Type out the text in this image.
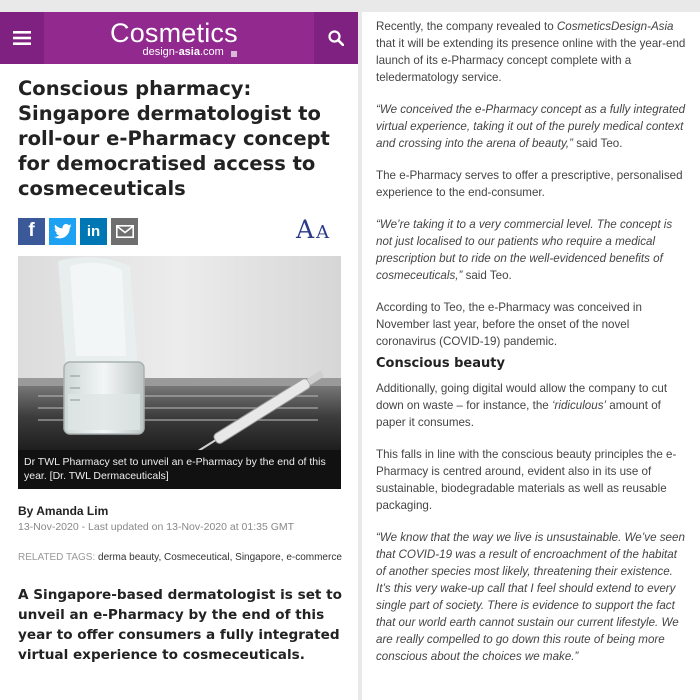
Cosmetics
design-asia.com
Conscious pharmacy: Singapore dermatologist to roll-our e-Pharmacy concept for democratised access to cosmeceuticals
f	in	A A
Dr TWL Pharmacy set to unveil an e-Pharmacy by the end of this year. [Dr. TWL Dermaceuticals]
By Amanda Lim
13-Nov-2020 - Last updated on 13-Nov-2020 at 01:35 GMT
RELATED TAGS: derma beauty, Cosmeceutical, Singapore, e-commerce
A Singapore-based dermatologist is set to unveil an e-Pharmacy by the end of this year to offer consumers a fully integrated virtual experience to cosmeceuticals.

Recently, the company revealed to CosmeticsDesign-Asia that it will be extending its presence online with the year-end launch of its e-Pharmacy concept complete with a teledermatology service.

“We conceived the e-Pharmacy concept as a fully integrated virtual experience, taking it out of the purely medical context and crossing into the arena of beauty,” said Teo.

The e-Pharmacy serves to offer a prescriptive, personalised experience to the end-consumer.

“We’re taking it to a very commercial level. The concept is not just localised to our patients who require a medical prescription but to ride on the well-evidenced benefits of cosmeceuticals,” said Teo.

According to Teo, the e-Pharmacy was conceived in November last year, before the onset of the novel coronavirus (COVID-19) pandemic.

Conscious beauty

Additionally, going digital would allow the company to cut down on waste – for instance, the ‘ridiculous’ amount of paper it consumes.

This falls in line with the conscious beauty principles the e-Pharmacy is centred around, evident also in its use of sustainable, biodegradable materials as well as reusable packaging.

“We know that the way we live is unsustainable. We’ve seen that COVID-19 was a result of encroachment of the habitat of another species most likely, threatening their existence. It’s this very wake-up call that I feel should extend to every single part of society. There is evidence to support the fact that our world earth cannot sustain our current lifestyle. We are really compelled to go down this route of being more conscious about the choices we make.”
